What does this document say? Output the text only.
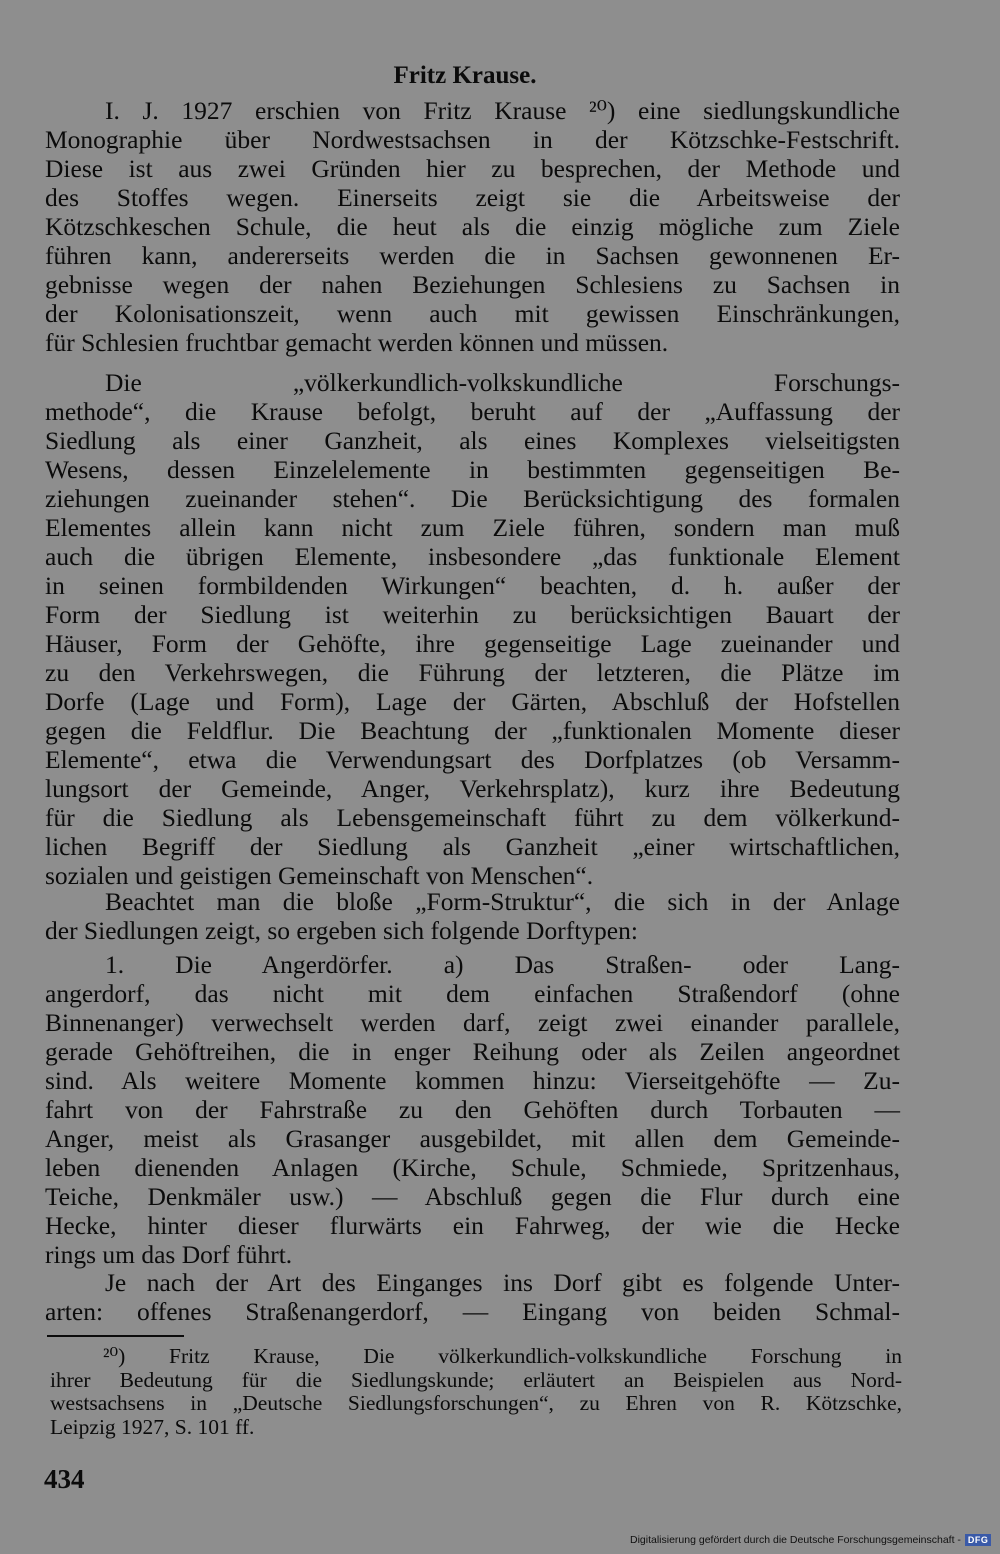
Fritz Krause.
I. J. 1927 erschien von Fritz Krause ²⁰) eine siedlungskundliche
Monographie über Nordwestsachsen in der Kötzschke-Festschrift.
Diese ist aus zwei Gründen hier zu besprechen, der Methode und
des Stoffes wegen. Einerseits zeigt sie die Arbeitsweise der
Kötzschkeschen Schule, die heut als die einzig mögliche zum Ziele
führen kann, andererseits werden die in Sachsen gewonnenen Er-
gebnisse wegen der nahen Beziehungen Schlesiens zu Sachsen in
der Kolonisationszeit, wenn auch mit gewissen Einschränkungen,
für Schlesien fruchtbar gemacht werden können und müssen.
Die „völkerkundlich-volkskundliche Forschungs-
methode“, die Krause befolgt, beruht auf der „Auffassung der
Siedlung als einer Ganzheit, als eines Komplexes vielseitigsten
Wesens, dessen Einzelelemente in bestimmten gegenseitigen Be-
ziehungen zueinander stehen“. Die Berücksichtigung des formalen
Elementes allein kann nicht zum Ziele führen, sondern man muß
auch die übrigen Elemente, insbesondere „das funktionale Element
in seinen formbildenden Wirkungen“ beachten, d. h. außer der
Form der Siedlung ist weiterhin zu berücksichtigen Bauart der
Häuser, Form der Gehöfte, ihre gegenseitige Lage zueinander und
zu den Verkehrswegen, die Führung der letzteren, die Plätze im
Dorfe (Lage und Form), Lage der Gärten, Abschluß der Hofstellen
gegen die Feldflur. Die Beachtung der „funktionalen Momente dieser
Elemente“, etwa die Verwendungsart des Dorfplatzes (ob Versamm-
lungsort der Gemeinde, Anger, Verkehrsplatz), kurz ihre Bedeutung
für die Siedlung als Lebensgemeinschaft führt zu dem völkerkund-
lichen Begriff der Siedlung als Ganzheit „einer wirtschaftlichen,
sozialen und geistigen Gemeinschaft von Menschen“.
Beachtet man die bloße „Form-Struktur“, die sich in der Anlage
der Siedlungen zeigt, so ergeben sich folgende Dorftypen:
1. Die Angerdörfer. a) Das Straßen- oder Lang-
angerdorf, das nicht mit dem einfachen Straßendorf (ohne
Binnenanger) verwechselt werden darf, zeigt zwei einander parallele,
gerade Gehöftreihen, die in enger Reihung oder als Zeilen angeordnet
sind. Als weitere Momente kommen hinzu: Vierseitgehöfte — Zu-
fahrt von der Fahrstraße zu den Gehöften durch Torbauten —
Anger, meist als Grasanger ausgebildet, mit allen dem Gemeinde-
leben dienenden Anlagen (Kirche, Schule, Schmiede, Spritzenhaus,
Teiche, Denkmäler usw.) — Abschluß gegen die Flur durch eine
Hecke, hinter dieser flurwärts ein Fahrweg, der wie die Hecke
rings um das Dorf führt.
Je nach der Art des Einganges ins Dorf gibt es folgende Unter-
arten: offenes Straßenangerdorf, — Eingang von beiden Schmal-
²⁰) Fritz Krause, Die völkerkundlich-volkskundliche Forschung in
ihrer Bedeutung für die Siedlungskunde; erläutert an Beispielen aus Nord-
westsachsens in „Deutsche Siedlungsforschungen“, zu Ehren von R. Kötzschke,
Leipzig 1927, S. 101 ff.
434
Digitalisierung gefördert durch die Deutsche Forschungsgemeinschaft - DFG
